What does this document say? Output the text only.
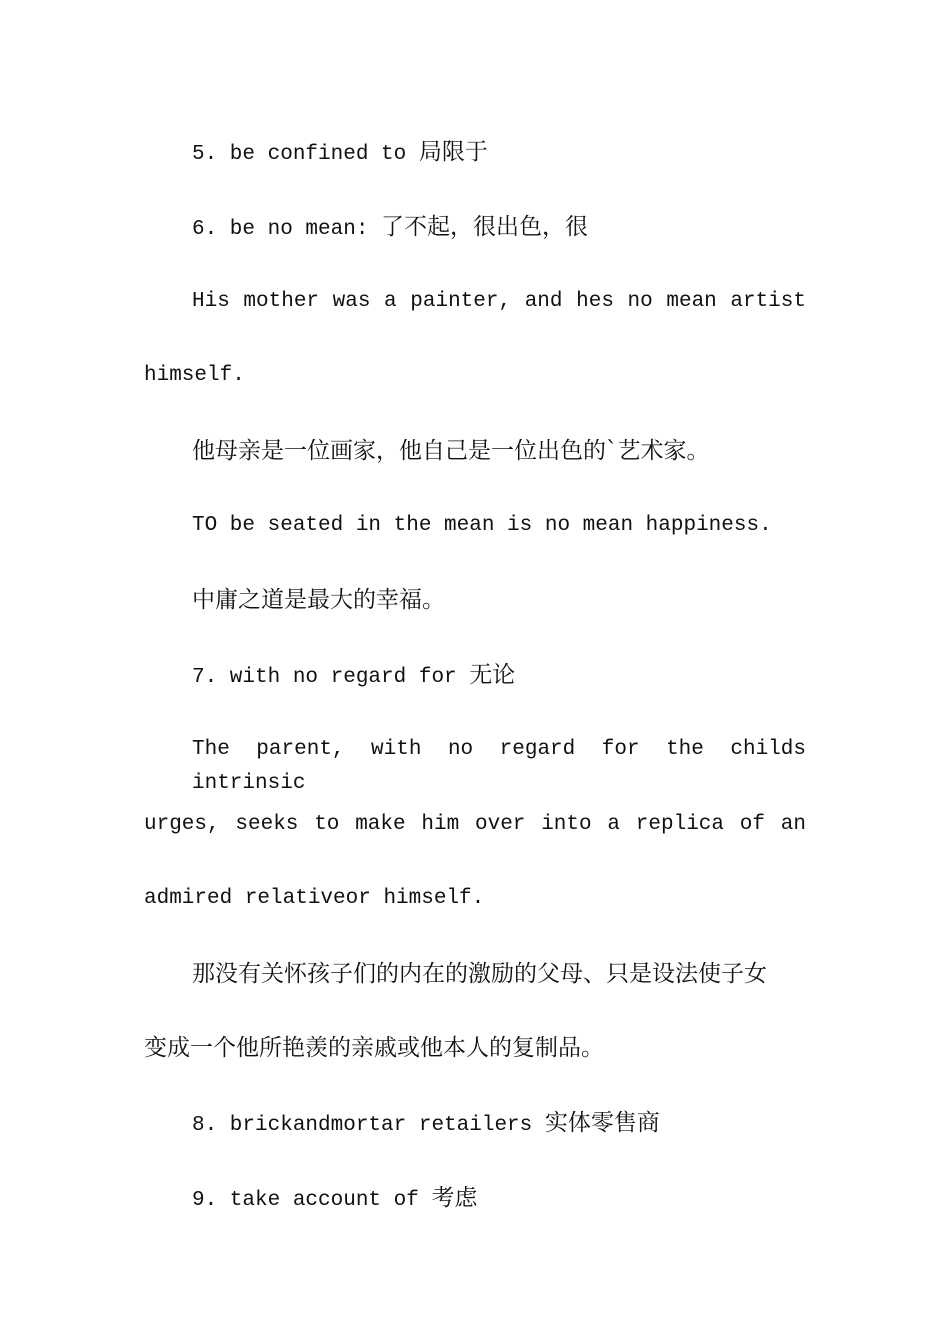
5. be confined to 局限于
6. be no mean: 了不起，很出色，很
His mother was a painter, and hes no mean artist
himself.
他母亲是一位画家，他自己是一位出色的`艺术家。
TO be seated in the mean is no mean happiness.
中庸之道是最大的幸福。
7. with no regard for 无论
The parent, with no regard for the childs intrinsic
urges, seeks to make him over into a replica of an
admired relativeor himself.
那没有关怀孩子们的内在的激励的父母、只是设法使子女
变成一个他所艳羡的亲戚或他本人的复制品。
8. brickandmortar retailers 实体零售商
9. take account of 考虑
